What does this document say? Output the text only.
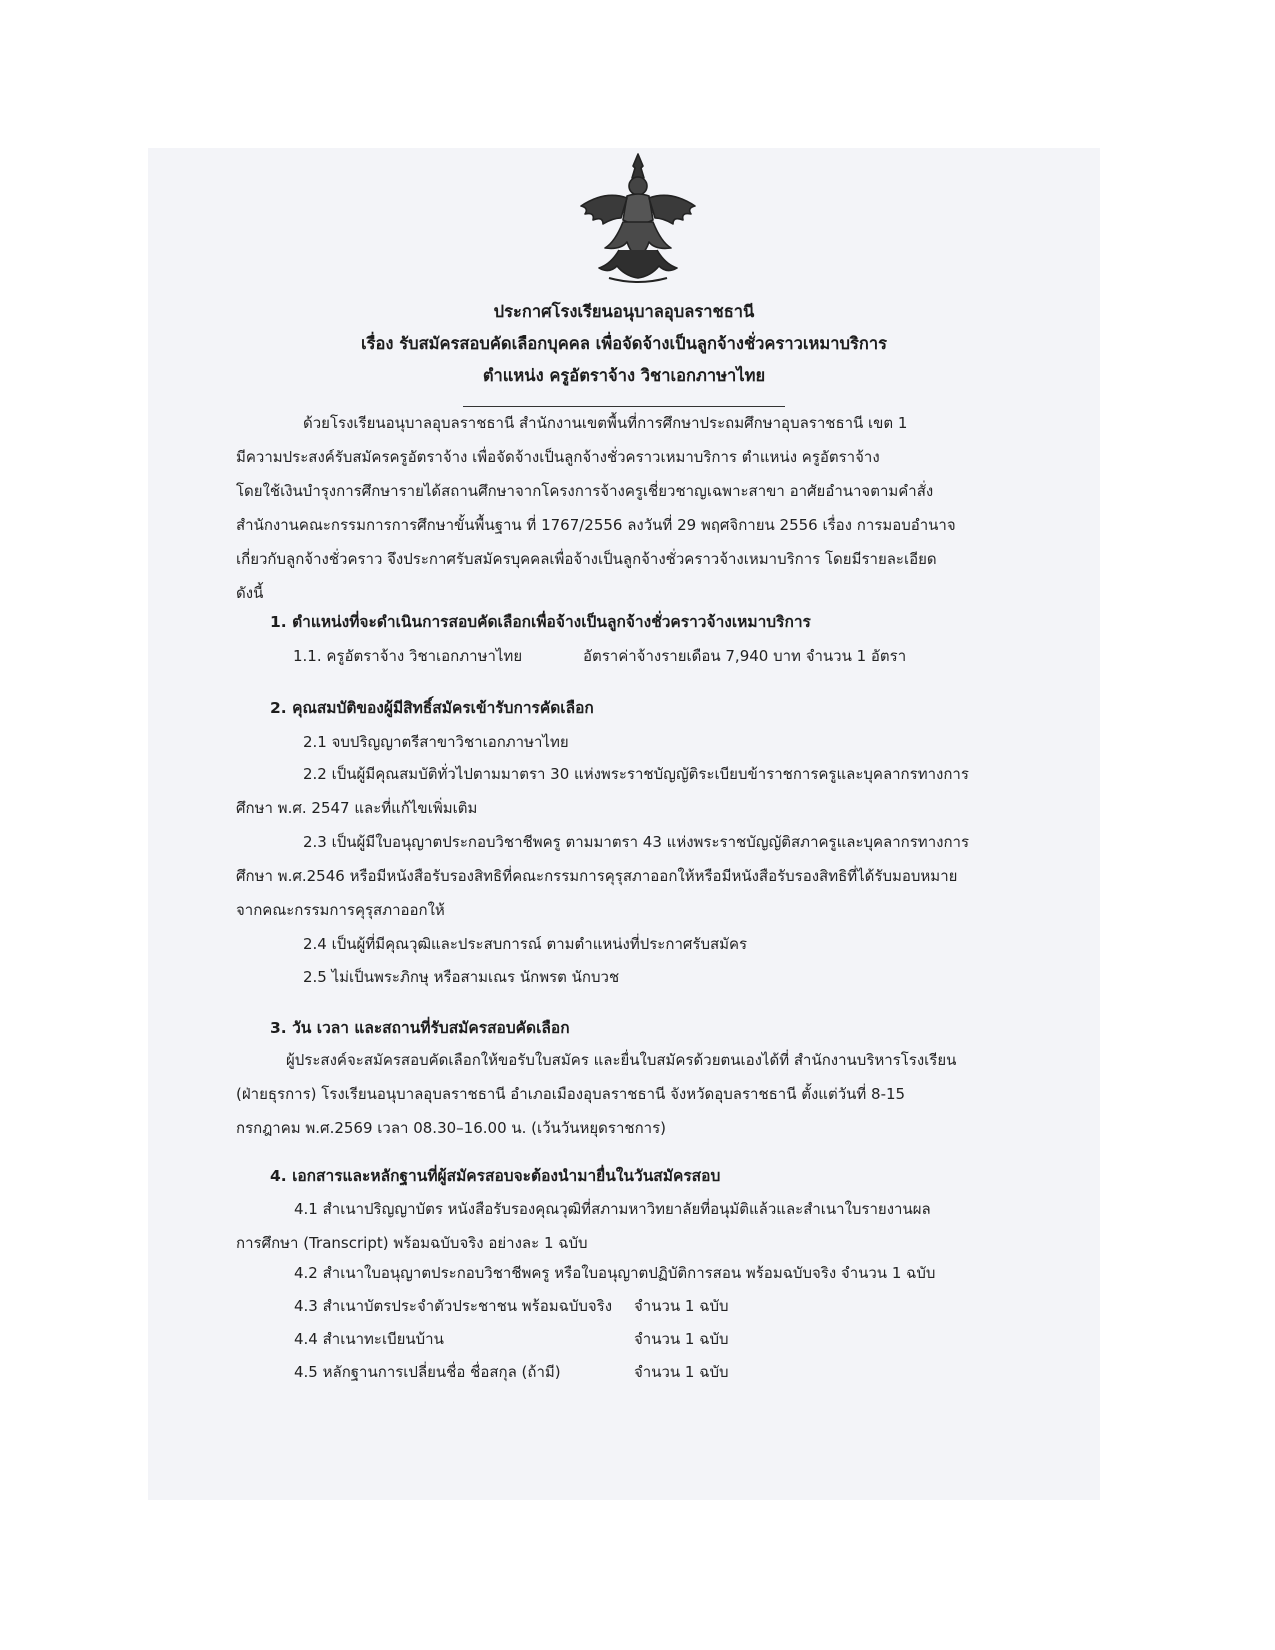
ประกาศโรงเรียนอนุบาลอุบลราชธานี
เรื่อง รับสมัครสอบคัดเลือกบุคคล เพื่อจัดจ้างเป็นลูกจ้างชั่วคราวเหมาบริการ
ตำแหน่ง ครูอัตราจ้าง วิชาเอกภาษาไทย
ด้วยโรงเรียนอนุบาลอุบลราชธานี สำนักงานเขตพื้นที่การศึกษาประถมศึกษาอุบลราชธานี เขต 1
มีความประสงค์รับสมัครครูอัตราจ้าง เพื่อจัดจ้างเป็นลูกจ้างชั่วคราวเหมาบริการ ตำแหน่ง ครูอัตราจ้าง
โดยใช้เงินบำรุงการศึกษารายได้สถานศึกษาจากโครงการจ้างครูเชี่ยวชาญเฉพาะสาขา อาศัยอำนาจตามคำสั่ง
สำนักงานคณะกรรมการการศึกษาขั้นพื้นฐาน ที่ 1767/2556 ลงวันที่ 29 พฤศจิกายน 2556 เรื่อง การมอบอำนาจ
เกี่ยวกับลูกจ้างชั่วคราว จึงประกาศรับสมัครบุคคลเพื่อจ้างเป็นลูกจ้างชั่วคราวจ้างเหมาบริการ โดยมีรายละเอียด
ดังนี้
1. ตำแหน่งที่จะดำเนินการสอบคัดเลือกเพื่อจ้างเป็นลูกจ้างชั่วคราวจ้างเหมาบริการ
1.1. ครูอัตราจ้าง วิชาเอกภาษาไทย	อัตราค่าจ้างรายเดือน 7,940 บาท จำนวน 1 อัตรา
2. คุณสมบัติของผู้มีสิทธิ์สมัครเข้ารับการคัดเลือก
2.1 จบปริญญาตรีสาขาวิชาเอกภาษาไทย
2.2 เป็นผู้มีคุณสมบัติทั่วไปตามมาตรา 30 แห่งพระราชบัญญัติระเบียบข้าราชการครูและบุคลากรทางการ
ศึกษา พ.ศ. 2547 และที่แก้ไขเพิ่มเติม
2.3 เป็นผู้มีใบอนุญาตประกอบวิชาชีพครู ตามมาตรา 43 แห่งพระราชบัญญัติสภาครูและบุคลากรทางการ
ศึกษา พ.ศ.2546 หรือมีหนังสือรับรองสิทธิที่คณะกรรมการคุรุสภาออกให้หรือมีหนังสือรับรองสิทธิที่ได้รับมอบหมาย
จากคณะกรรมการคุรุสภาออกให้
2.4 เป็นผู้ที่มีคุณวุฒิและประสบการณ์ ตามตำแหน่งที่ประกาศรับสมัคร
2.5 ไม่เป็นพระภิกษุ หรือสามเณร นักพรต นักบวช
3. วัน เวลา และสถานที่รับสมัครสอบคัดเลือก
ผู้ประสงค์จะสมัครสอบคัดเลือกให้ขอรับใบสมัคร และยื่นใบสมัครด้วยตนเองได้ที่ สำนักงานบริหารโรงเรียน
(ฝ่ายธุรการ) โรงเรียนอนุบาลอุบลราชธานี อำเภอเมืองอุบลราชธานี จังหวัดอุบลราชธานี ตั้งแต่วันที่ 8-15
กรกฎาคม พ.ศ.2569 เวลา 08.30–16.00 น. (เว้นวันหยุดราชการ)
4. เอกสารและหลักฐานที่ผู้สมัครสอบจะต้องนำมายื่นในวันสมัครสอบ
4.1 สำเนาปริญญาบัตร หนังสือรับรองคุณวุฒิที่สภามหาวิทยาลัยที่อนุมัติแล้วและสำเนาใบรายงานผล
การศึกษา (Transcript) พร้อมฉบับจริง อย่างละ 1 ฉบับ
4.2 สำเนาใบอนุญาตประกอบวิชาชีพครู หรือใบอนุญาตปฏิบัติการสอน พร้อมฉบับจริง จำนวน 1 ฉบับ
4.3 สำเนาบัตรประจำตัวประชาชน พร้อมฉบับจริง จำนวน 1 ฉบับ
4.4 สำเนาทะเบียนบ้าน	จำนวน 1 ฉบับ
4.5 หลักฐานการเปลี่ยนชื่อ ชื่อสกุล (ถ้ามี)	จำนวน 1 ฉบับ
